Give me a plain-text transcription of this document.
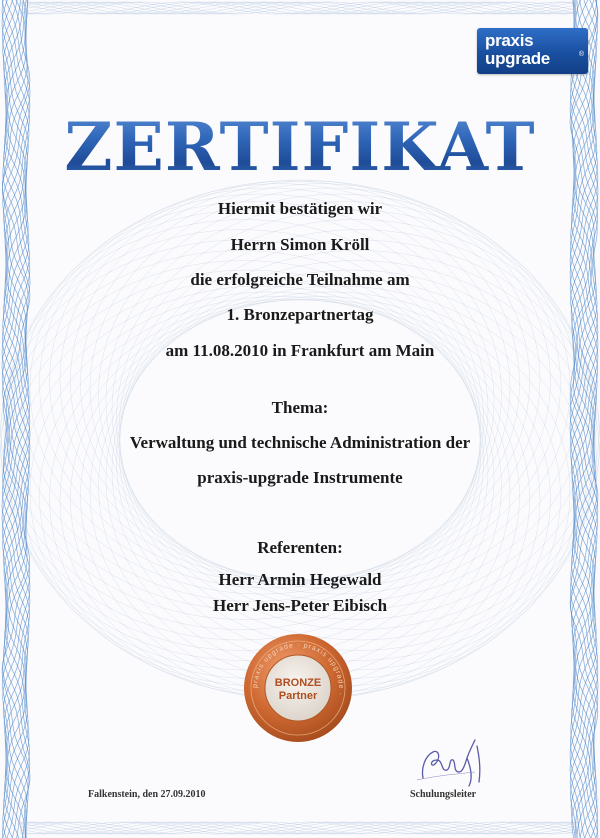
praxis
upgrade	®
ZERTIFIKAT
Hiermit bestätigen wir
Herrn Simon Kröll
die erfolgreiche Teilnahme am
1. Bronzepartnertag
am 11.08.2010 in Frankfurt am Main
Thema:
Verwaltung und technische Administration der
praxis-upgrade Instrumente
Referenten:
Herr Armin Hegewald
Herr Jens-Peter Eibisch
praxis upgrade · praxis upgrade ·
BRONZE
Partner
Falkenstein, den 27.09.2010	Schulungsleiter
